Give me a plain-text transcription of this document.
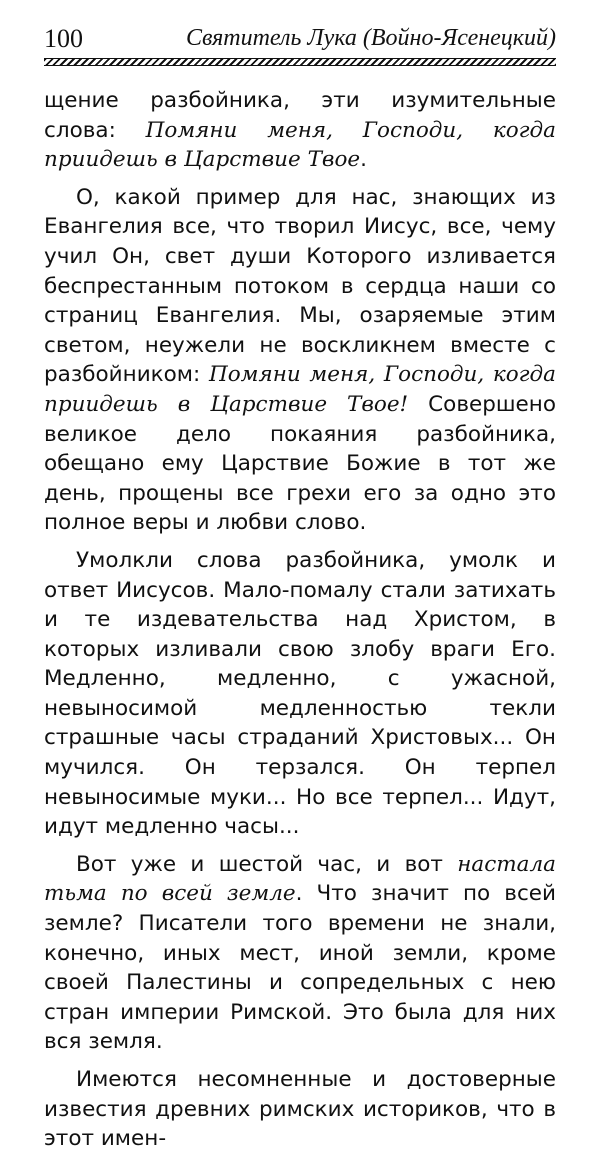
100	Святитель Лука (Войно-Ясенецкий)

щение разбойника, эти изумительные слова: Помяни меня, Господи, когда приидешь в Царствие Твое.

О, какой пример для нас, знающих из Евангелия все, что творил Иисус, все, чему учил Он, свет души Которого изливается беспрестанным потоком в сердца наши со страниц Евангелия. Мы, озаряемые этим светом, неужели не воскликнем вместе с разбойником: Помяни меня, Господи, когда приидешь в Царствие Твое! Совершено великое дело покаяния разбойника, обещано ему Царствие Божие в тот же день, прощены все грехи его за одно это полное веры и любви слово.

Умолкли слова разбойника, умолк и ответ Иисусов. Мало-помалу стали затихать и те издевательства над Христом, в которых изливали свою злобу враги Его. Медленно, медленно, с ужасной, невыносимой медленностью текли страшные часы страданий Христовых... Он мучился. Он терзался. Он терпел невыносимые муки... Но все терпел... Идут, идут медленно часы...

Вот уже и шестой час, и вот настала тьма по всей земле. Что значит по всей земле? Писатели того времени не знали, конечно, иных мест, иной земли, кроме своей Палестины и сопредельных с нею стран империи Римской. Это была для них вся земля.

Имеются несомненные и достоверные известия древних римских историков, что в этот имен-
